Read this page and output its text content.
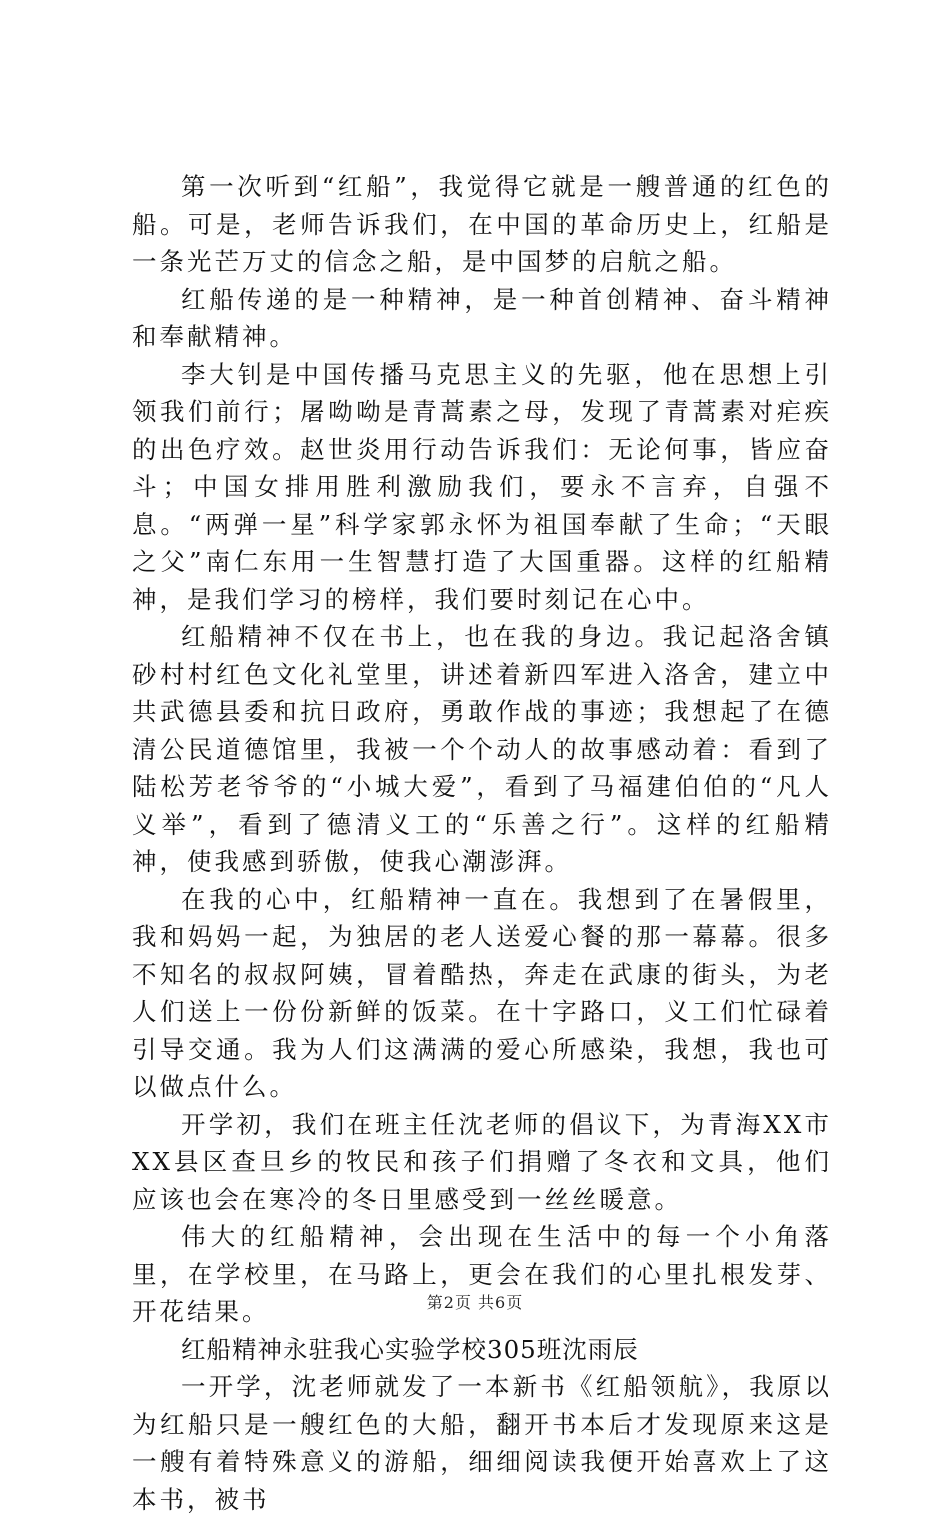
第一次听到“红船”，我觉得它就是一艘普通的红色的船。可是，老师告诉我们，在中国的革命历史上，红船是一条光芒万丈的信念之船，是中国梦的启航之船。

红船传递的是一种精神，是一种首创精神、奋斗精神和奉献精神。

李大钊是中国传播马克思主义的先驱，他在思想上引领我们前行；屠呦呦是青蒿素之母，发现了青蒿素对疟疾的出色疗效。赵世炎用行动告诉我们：无论何事，皆应奋斗；中国女排用胜利激励我们，要永不言弃，自强不息。“两弹一星”科学家郭永怀为祖国奉献了生命；“天眼之父”南仁东用一生智慧打造了大国重器。这样的红船精神，是我们学习的榜样，我们要时刻记在心中。

红船精神不仅在书上，也在我的身边。我记起洛舍镇砂村村红色文化礼堂里，讲述着新四军进入洛舍，建立中共武德县委和抗日政府，勇敢作战的事迹；我想起了在德清公民道德馆里，我被一个个动人的故事感动着：看到了陆松芳老爷爷的“小城大爱”，看到了马福建伯伯的“凡人义举”，看到了德清义工的“乐善之行”。这样的红船精神，使我感到骄傲，使我心潮澎湃。

在我的心中，红船精神一直在。我想到了在暑假里，我和妈妈一起，为独居的老人送爱心餐的那一幕幕。很多不知名的叔叔阿姨，冒着酷热，奔走在武康的街头，为老人们送上一份份新鲜的饭菜。在十字路口，义工们忙碌着引导交通。我为人们这满满的爱心所感染，我想，我也可以做点什么。

开学初，我们在班主任沈老师的倡议下，为青海XX市XX县区查旦乡的牧民和孩子们捐赠了冬衣和文具，他们应该也会在寒冷的冬日里感受到一丝丝暖意。

伟大的红船精神，会出现在生活中的每一个小角落里，在学校里，在马路上，更会在我们的心里扎根发芽、开花结果。

红船精神永驻我心实验学校305班沈雨辰

一开学，沈老师就发了一本新书《红船领航》，我原以为红船只是一艘红色的大船，翻开书本后才发现原来这是一艘有着特殊意义的游船，细细阅读我便开始喜欢上了这本书，被书

第2页 共6页
